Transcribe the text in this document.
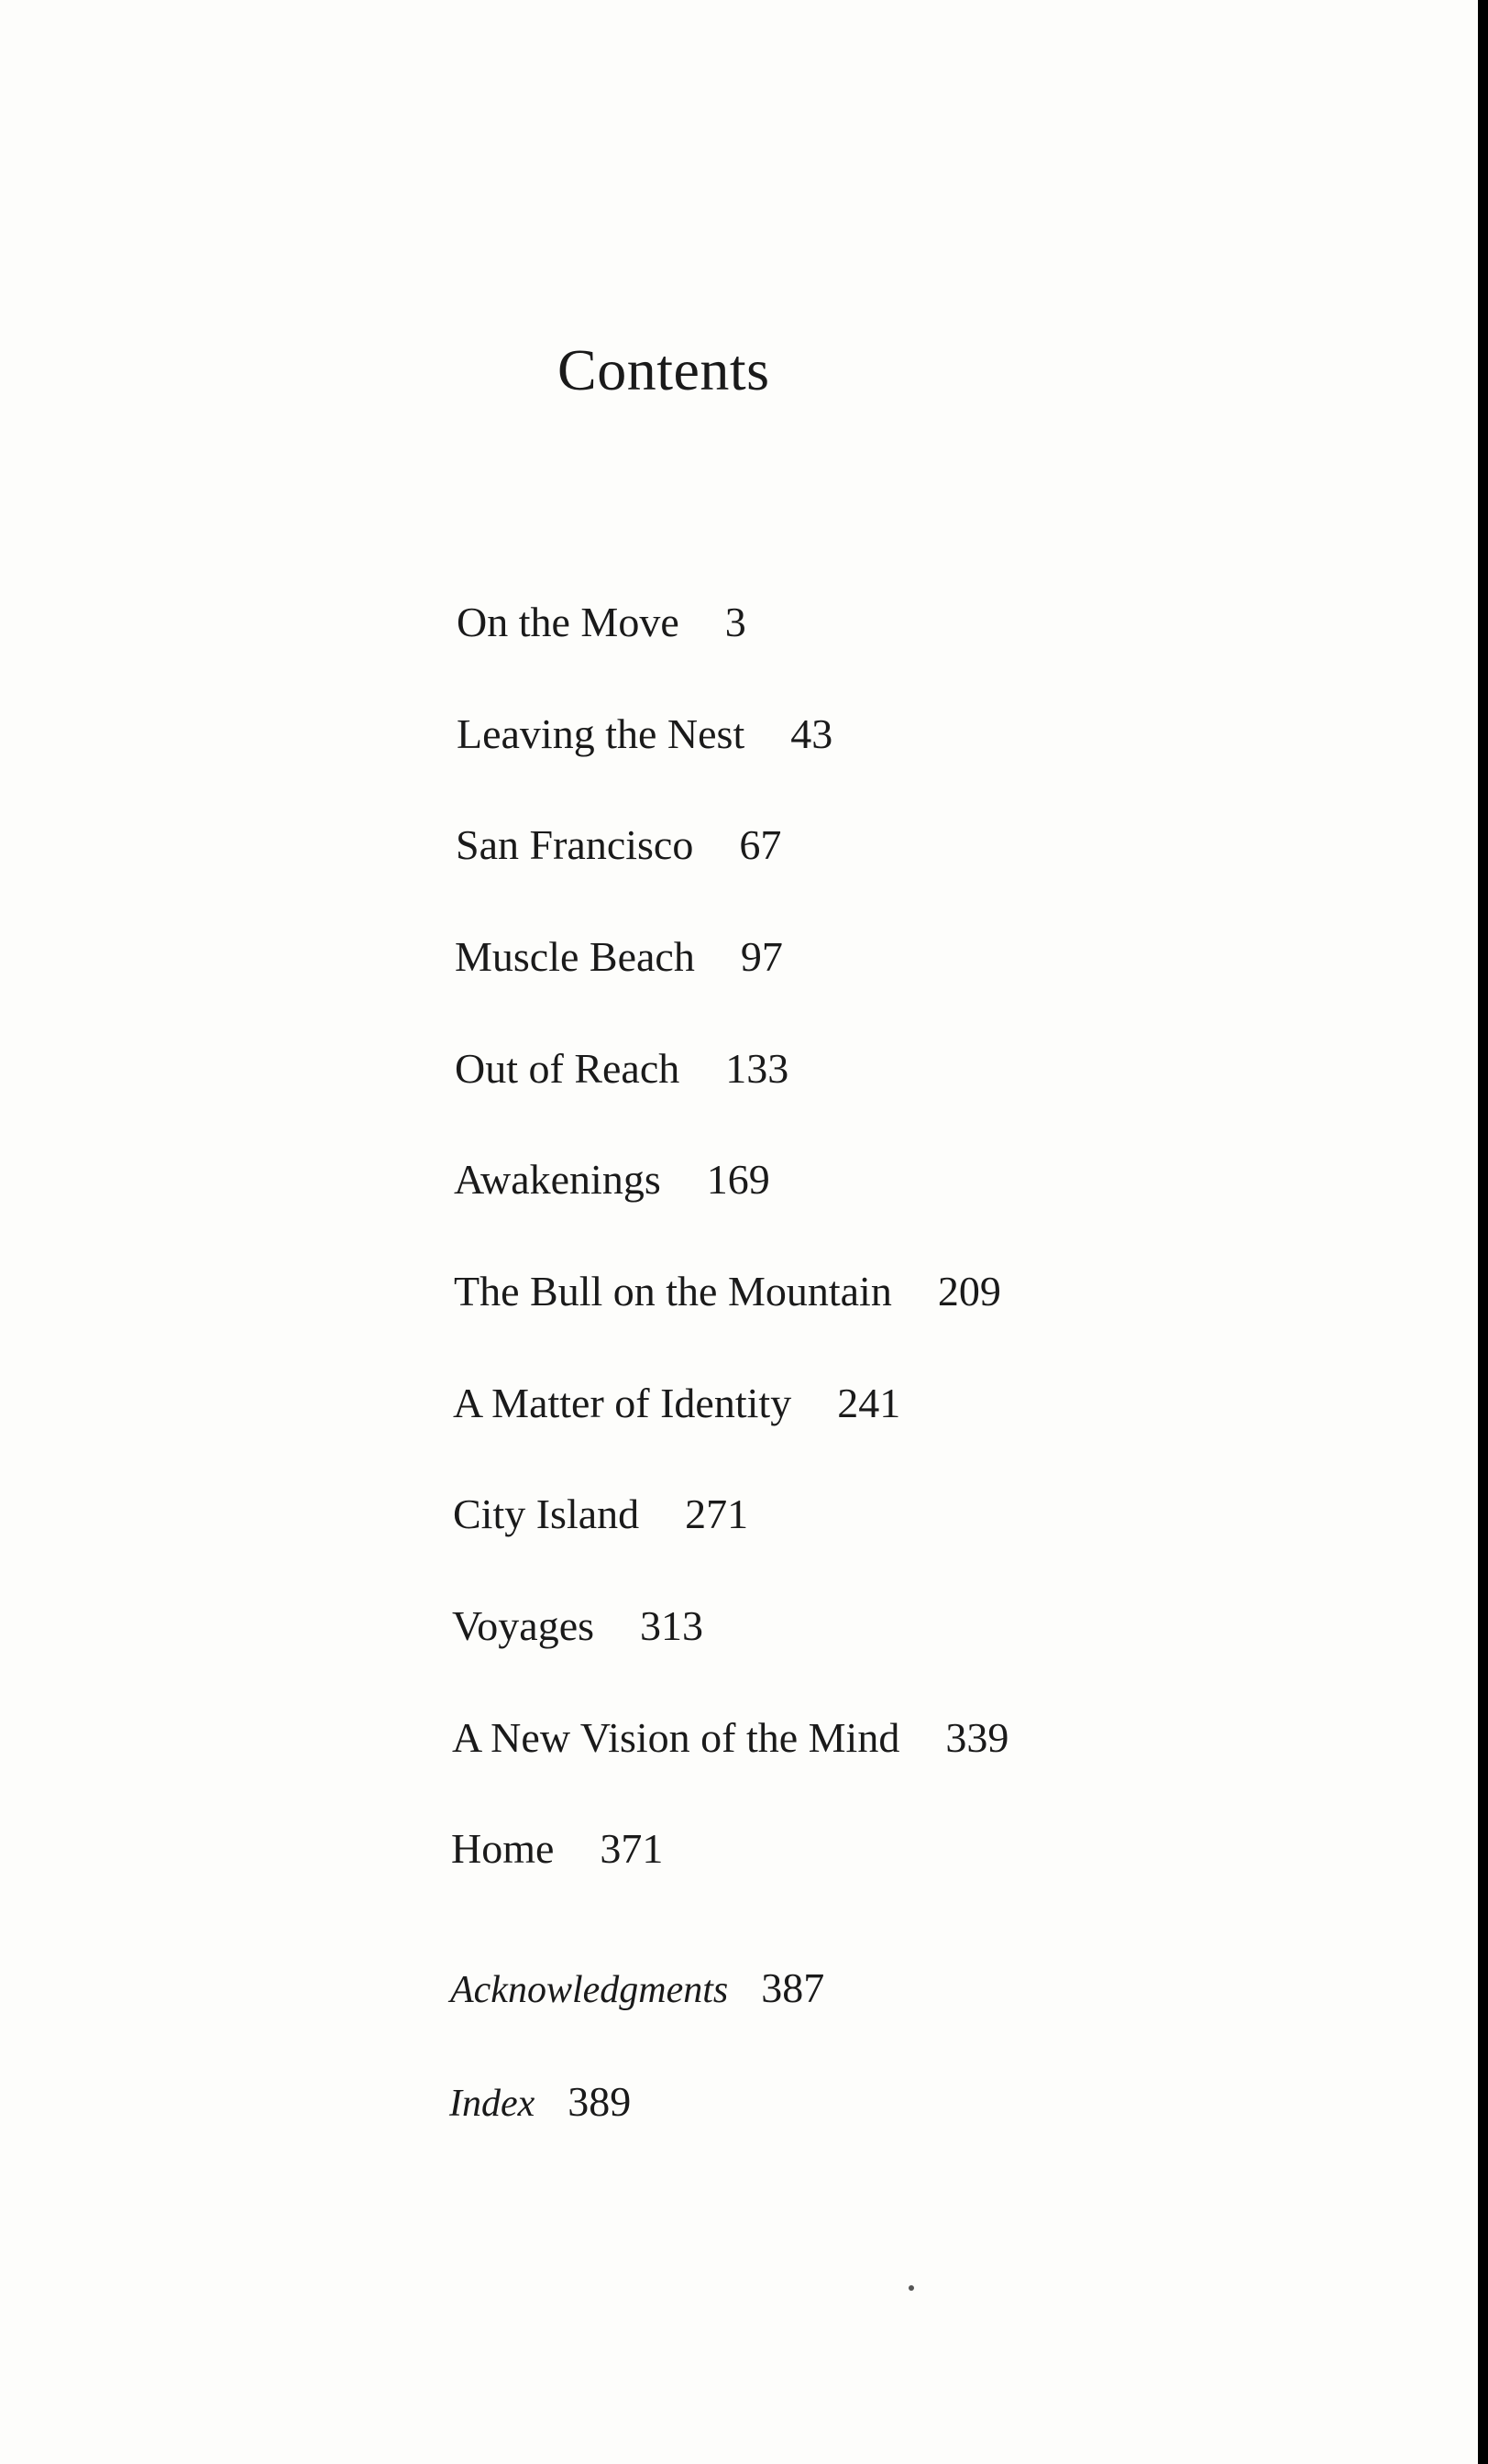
Contents
On the Move 3
Leaving the Nest 43
San Francisco 67
Muscle Beach 97
Out of Reach 133
Awakenings 169
The Bull on the Mountain 209
A Matter of Identity 241
City Island 271
Voyages 313
A New Vision of the Mind 339
Home 371
Acknowledgments 387
Index 389
